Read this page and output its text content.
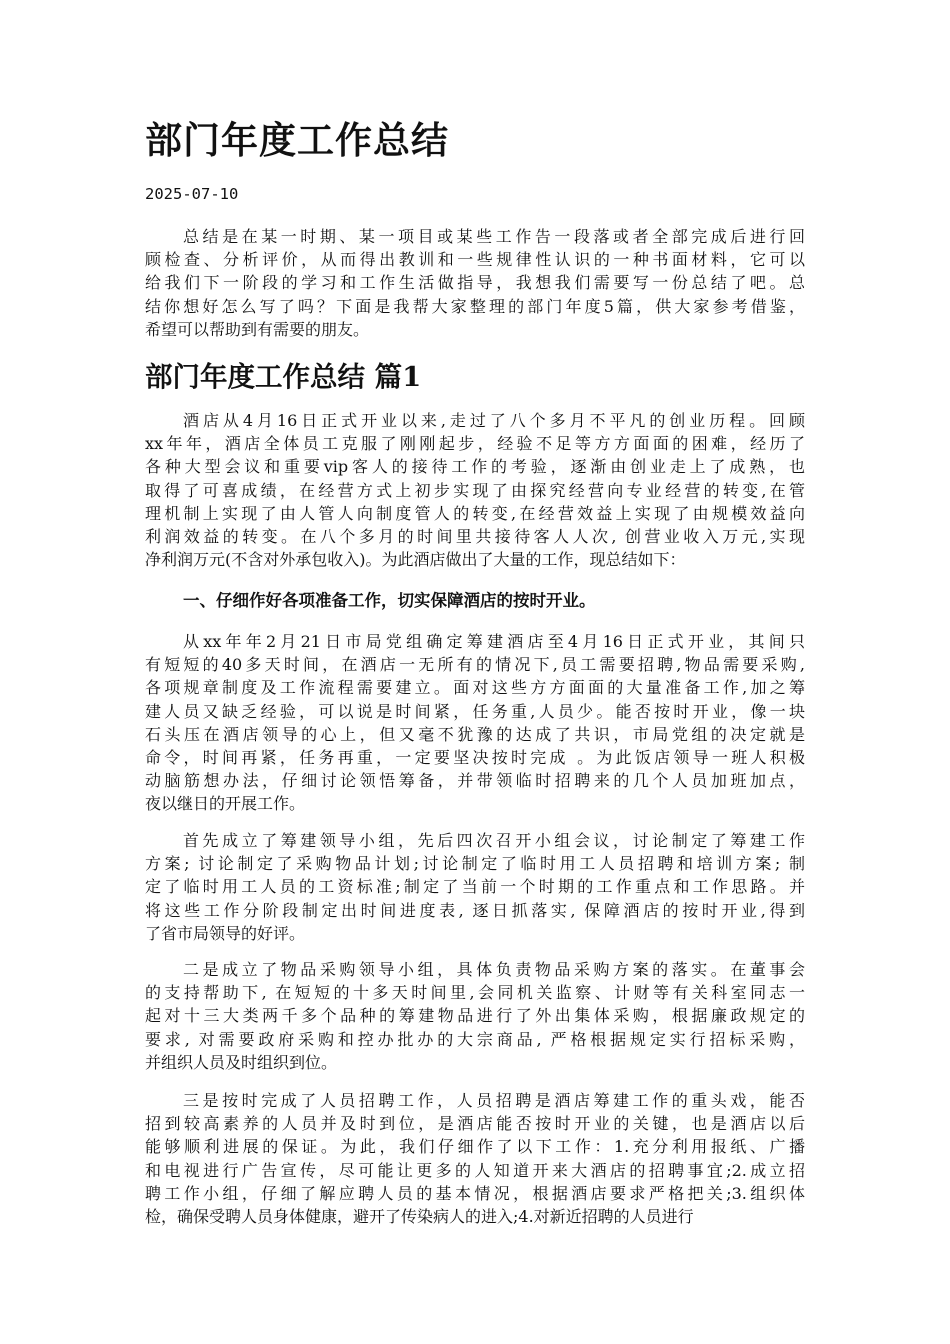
部门年度工作总结
2025-07-10
总结是在某一时期、某一项目或某些工作告一段落或者全部完成后进行回
顾检查、分析评价，从而得出教训和一些规律性认识的一种书面材料，它可以
给我们下一阶段的学习和工作生活做指导，我想我们需要写一份总结了吧。总
结你想好怎么写了吗？下面是我帮大家整理的部门年度5篇，供大家参考借鉴，
希望可以帮助到有需要的朋友。
部门年度工作总结 篇1
酒店从4月16日正式开业以来,走过了八个多月不平凡的创业历程。回顾
xx年年，酒店全体员工克服了刚刚起步，经验不足等方方面面的困难，经历了
各种大型会议和重要vip客人的接待工作的考验，逐渐由创业走上了成熟，也
取得了可喜成绩，在经营方式上初步实现了由探究经营向专业经营的转变,在管
理机制上实现了由人管人向制度管人的转变,在经营效益上实现了由规模效益向
利润效益的转变。在八个多月的时间里共接待客人人次, 创营业收入万元,实现
净利润万元(不含对外承包收入)。为此酒店做出了大量的工作，现总结如下：
一、仔细作好各项准备工作，切实保障酒店的按时开业。
从xx年年2月21日市局党组确定筹建酒店至4月16日正式开业，其间只
有短短的40多天时间，在酒店一无所有的情况下,员工需要招聘,物品需要采购,
各项规章制度及工作流程需要建立。面对这些方方面面的大量准备工作,加之筹
建人员又缺乏经验，可以说是时间紧，任务重,人员少。能否按时开业，像一块
石头压在酒店领导的心上，但又毫不犹豫的达成了共识，市局党组的决定就是
命令，时间再紧，任务再重，一定要坚决按时完成 。为此饭店领导一班人积极
动脑筋想办法，仔细讨论领悟筹备，并带领临时招聘来的几个人员加班加点，
夜以继日的开展工作。
首先成立了筹建领导小组，先后四次召开小组会议，讨论制定了筹建工作
方案; 讨论制定了采购物品计划;讨论制定了临时用工人员招聘和培训方案; 制
定了临时用工人员的工资标准;制定了当前一个时期的工作重点和工作思路。并
将这些工作分阶段制定出时间进度表, 逐日抓落实, 保障酒店的按时开业,得到
了省市局领导的好评。
二是成立了物品采购领导小组，具体负责物品采购方案的落实。在董事会
的支持帮助下, 在短短的十多天时间里,会同机关监察、计财等有关科室同志一
起对十三大类两千多个品种的筹建物品进行了外出集体采购，根据廉政规定的
要求, 对需要政府采购和控办批办的大宗商品, 严格根据规定实行招标采购，
并组织人员及时组织到位。
三是按时完成了人员招聘工作，人员招聘是酒店筹建工作的重头戏，能否
招到较高素养的人员并及时到位，是酒店能否按时开业的关键，也是酒店以后
能够顺利进展的保证。为此，我们仔细作了以下工作：1.充分利用报纸、广播
和电视进行广告宣传，尽可能让更多的人知道开来大酒店的招聘事宜;2.成立招
聘工作小组，仔细了解应聘人员的基本情况，根据酒店要求严格把关;3.组织体
检，确保受聘人员身体健康，避开了传染病人的进入;4.对新近招聘的人员进行
